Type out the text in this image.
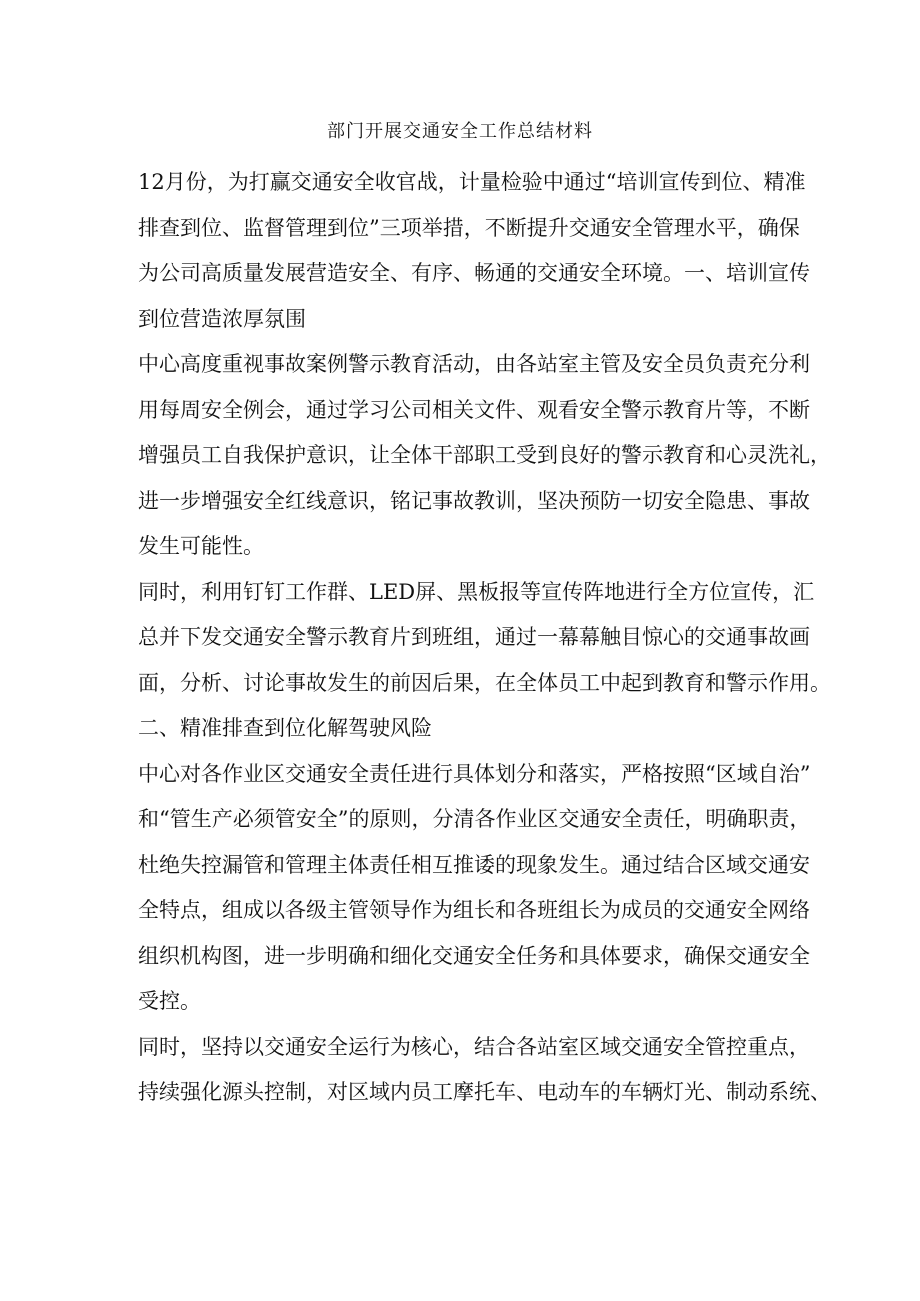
部门开展交通安全工作总结材料

12月份，为打赢交通安全收官战，计量检验中通过“培训宣传到位、精准
排查到位、监督管理到位”三项举措，不断提升交通安全管理水平，确保
为公司高质量发展营造安全、有序、畅通的交通安全环境。一、培训宣传
到位营造浓厚氛围

中心高度重视事故案例警示教育活动，由各站室主管及安全员负责充分利
用每周安全例会，通过学习公司相关文件、观看安全警示教育片等，不断
增强员工自我保护意识，让全体干部职工受到良好的警示教育和心灵洗礼，
进一步增强安全红线意识，铭记事故教训，坚决预防一切安全隐患、事故
发生可能性。

同时，利用钉钉工作群、LED屏、黑板报等宣传阵地进行全方位宣传，汇
总并下发交通安全警示教育片到班组，通过一幕幕触目惊心的交通事故画
面，分析、讨论事故发生的前因后果，在全体员工中起到教育和警示作用。

二、精准排查到位化解驾驶风险

中心对各作业区交通安全责任进行具体划分和落实，严格按照“区域自治”
和“管生产必须管安全”的原则，分清各作业区交通安全责任，明确职责，
杜绝失控漏管和管理主体责任相互推诿的现象发生。通过结合区域交通安
全特点，组成以各级主管领导作为组长和各班组长为成员的交通安全网络
组织机构图，进一步明确和细化交通安全任务和具体要求，确保交通安全
受控。

同时，坚持以交通安全运行为核心，结合各站室区域交通安全管控重点，
持续强化源头控制，对区域内员工摩托车、电动车的车辆灯光、制动系统、
